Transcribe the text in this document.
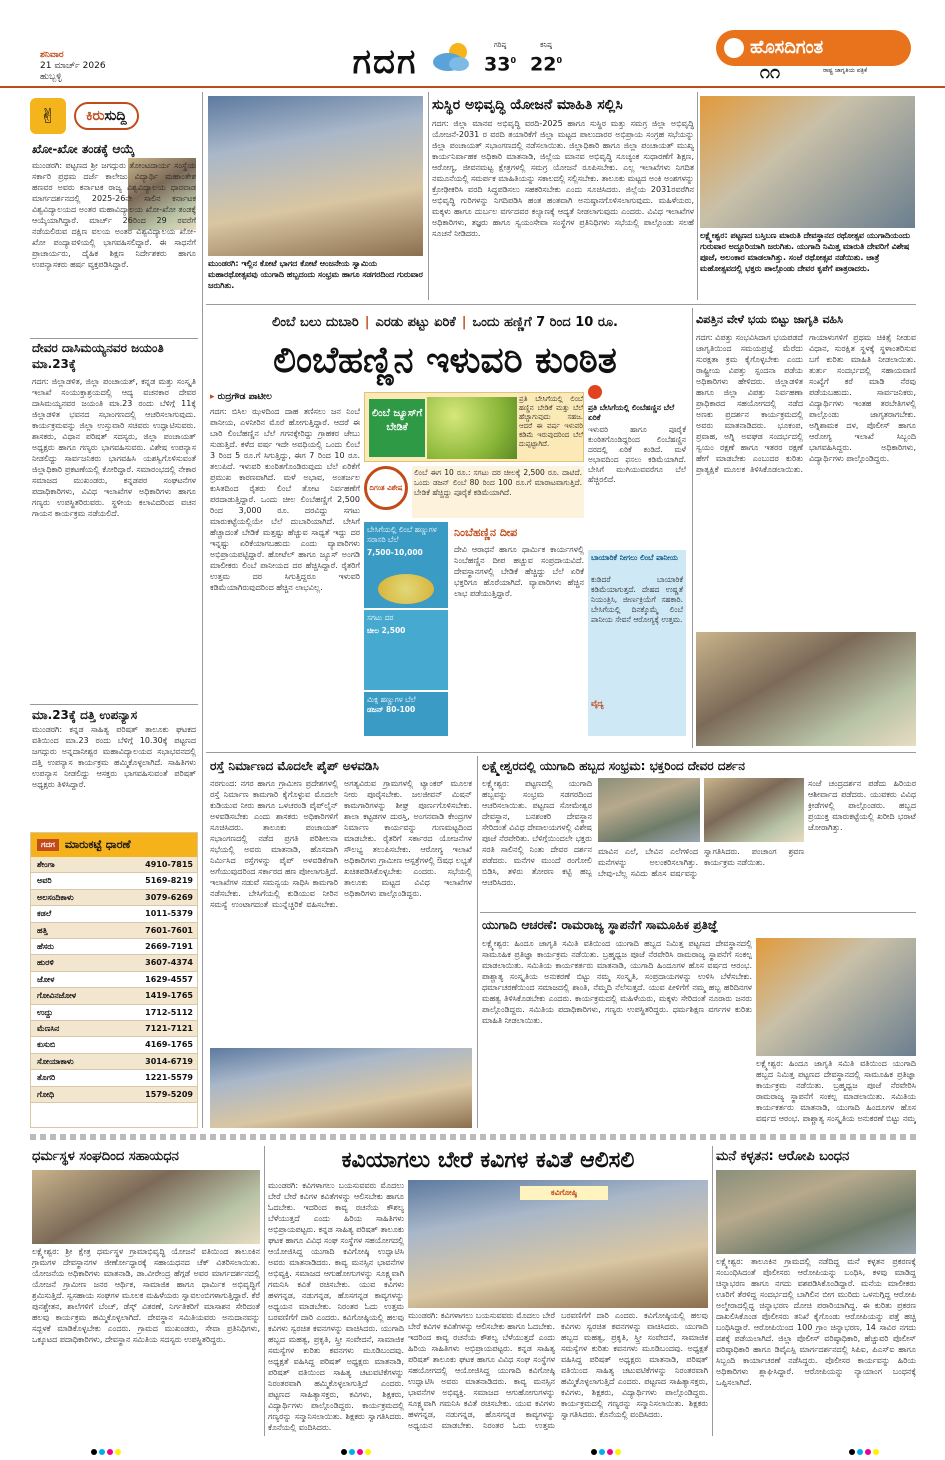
ಶನಿವಾರ
21 ಮಾರ್ಚ್ 2026
ಹುಬ್ಬಳ್ಳಿ	ಗದಗ	ಗರಿಷ್ಠ
$33^0$
ಕನಿಷ್ಠ
$22^0$
ಹೊಸದಿಗಂತ
ರಾಷ್ಟ್ರ ಜಾಗೃತಿಯ ಪತ್ರಿಕೆ
೧೧
✌	ಕಿರುಸುದ್ದಿ
ಖೋ-ಖೋ ತಂಡಕ್ಕೆ ಆಯ್ಕೆ
ಮುಂಡರಗಿ: ಪಟ್ಟಣದ ಶ್ರೀ ಜಗದ್ಗುರು ತೋಂಟದಾರ್ಯ ಸಂಸ್ಥೆಯ ಸರ್ಕಾರಿ ಪ್ರಥಮ ದರ್ಜೆ ಕಾಲೇಜು ವಿದ್ಯಾರ್ಥಿ ಮಹಾಂತೇಶ ಹಣವರ ಅವರು ಕರ್ನಾಟಕ ರಾಜ್ಯ ವಿಶ್ವವಿದ್ಯಾಲಯ ಧಾರವಾಡ ಮಾರ್ಗದರ್ಶನದಲ್ಲಿ 2025-26ನೇ ಸಾಲಿನ ಕರ್ನಾಟಕ ವಿಶ್ವವಿದ್ಯಾಲಯದ ಅಂತರ ಮಹಾವಿದ್ಯಾಲಯ ಖೋ-ಖೋ ತಂಡಕ್ಕೆ ಆಯ್ಕೆಯಾಗಿದ್ದಾರೆ. ಮಾರ್ಚ್ 26ರಿಂದ 29 ರವರೆಗೆ ನಡೆಯಲಿರುವ ದಕ್ಷಿಣ ವಲಯ ಅಂತರ ವಿಶ್ವವಿದ್ಯಾಲಯ ಖೋ-ಖೋ ಪಂದ್ಯಾವಳಿಯಲ್ಲಿ ಭಾಗವಹಿಸಲಿದ್ದಾರೆ. ಈ ಸಾಧನೆಗೆ ಪ್ರಾಚಾರ್ಯರು, ದೈಹಿಕ ಶಿಕ್ಷಣ ನಿರ್ದೇಶಕರು ಹಾಗೂ ಉಪನ್ಯಾಸಕರು ಹರ್ಷ ವ್ಯಕ್ತಪಡಿಸಿದ್ದಾರೆ.
ದೇವರ ದಾಸಿಮಯ್ಯನವರ ಜಯಂತಿ ಮಾ.23ಕ್ಕೆ
ಗದಗ: ಜಿಲ್ಲಾಡಳಿತ, ಜಿಲ್ಲಾ ಪಂಚಾಯತ್, ಕನ್ನಡ ಮತ್ತು ಸಂಸ್ಕೃತಿ ಇಲಾಖೆ ಸಂಯುಕ್ತಾಶ್ರಯದಲ್ಲಿ ಆದ್ಯ ವಚನಕಾರ ದೇವರ ದಾಸಿಮಯ್ಯನವರ ಜಯಂತಿ ಮಾ.23 ರಂದು ಬೆಳಿಗ್ಗೆ 11ಕ್ಕೆ ಜಿಲ್ಲಾಡಳಿತ ಭವನದ ಸಭಾಂಗಣದಲ್ಲಿ ಆಚರಿಸಲಾಗುವುದು. ಕಾರ್ಯಕ್ರಮವನ್ನು ಜಿಲ್ಲಾ ಉಸ್ತುವಾರಿ ಸಚಿವರು ಉದ್ಘಾಟಿಸುವರು. ಶಾಸಕರು, ವಿಧಾನ ಪರಿಷತ್ ಸದಸ್ಯರು, ಜಿಲ್ಲಾ ಪಂಚಾಯತ್ ಅಧ್ಯಕ್ಷರು ಹಾಗೂ ಗಣ್ಯರು ಭಾಗವಹಿಸುವರು. ವಿಶೇಷ ಉಪನ್ಯಾಸ ನೀಡಲಿದ್ದು ಸಾರ್ವಜನಿಕರು ಭಾಗವಹಿಸಿ ಯಶಸ್ವಿಗೊಳಿಸುವಂತೆ ಜಿಲ್ಲಾಧಿಕಾರಿ ಪ್ರಕಟಣೆಯಲ್ಲಿ ಕೋರಿದ್ದಾರೆ. ಸಮಾರಂಭದಲ್ಲಿ ನೇಕಾರ ಸಮಾಜದ ಮುಖಂಡರು, ಕನ್ನಡಪರ ಸಂಘಟನೆಗಳ ಪದಾಧಿಕಾರಿಗಳು, ವಿವಿಧ ಇಲಾಖೆಗಳ ಅಧಿಕಾರಿಗಳು ಹಾಗೂ ಗಣ್ಯರು ಉಪಸ್ಥಿತರಿರುವರು. ಸ್ಥಳೀಯ ಕಲಾವಿದರಿಂದ ವಚನ ಗಾಯನ ಕಾರ್ಯಕ್ರಮ ನಡೆಯಲಿದೆ.
ಮಾ.23ಕ್ಕೆ ದತ್ತಿ ಉಪನ್ಯಾಸ
ಮುಂಡರಗಿ: ಕನ್ನಡ ಸಾಹಿತ್ಯ ಪರಿಷತ್ ತಾಲೂಕು ಘಟಕದ ವತಿಯಿಂದ ಮಾ.23 ರಂದು ಬೆಳಿಗ್ಗೆ 10.30ಕ್ಕೆ ಪಟ್ಟಣದ ಜಗದ್ಗುರು ಅನ್ನದಾನೀಶ್ವರ ಮಹಾವಿದ್ಯಾಲಯದ ಸಭಾಭವನದಲ್ಲಿ ದತ್ತಿ ಉಪನ್ಯಾಸ ಕಾರ್ಯಕ್ರಮ ಹಮ್ಮಿಕೊಳ್ಳಲಾಗಿದೆ. ಸಾಹಿತಿಗಳು ಉಪನ್ಯಾಸ ನೀಡಲಿದ್ದು ಆಸಕ್ತರು ಭಾಗವಹಿಸುವಂತೆ ಪರಿಷತ್ ಅಧ್ಯಕ್ಷರು ತಿಳಿಸಿದ್ದಾರೆ.
ಗದಗ ಮಾರುಕಟ್ಟೆ ಧಾರಣೆ
ಶೇಂಗಾ	4910-7815
ಅವರಿ	5169-8219
ಅಲಸಂದಿಕಾಳು	3079-6269
ಕಡಲೆ	1011-5379
ಹತ್ತಿ	7601-7601
ಹೆಸರು	2669-7191
ಹುರಳಿ	3607-4374
ಜೋಳ	1629-4557
ಗೋವಿನಜೋಳ	1419-1765
ಉದ್ದು	1712-5112
ಮೆಣಸಿನ	7121-7121
ಕುಸುಬಿ	4169-1765
ಸೋಯಾಕಾಳು	3014-6719
ತೊಗರಿ	1221-5579
ಗೋಧಿ	1579-5209
ಮುಂಡರಗಿ: ಇಲ್ಲಿನ ಕೋಟೆ ಭಾಗದ ಕೋಟೆ ಆಂಜನೇಯ ಸ್ವಾಮಿಯ ಮಹಾರಥೋತ್ಸವವು ಯುಗಾದಿ ಹಬ್ಬದಂದು ಸಂಭ್ರಮ ಹಾಗೂ ಸಡಗರದಿಂದ ಗುರುವಾರ ಜರುಗಿತು.
ಸುಸ್ಥಿರ ಅಭಿವೃದ್ಧಿ ಯೋಜನೆ ಮಾಹಿತಿ ಸಲ್ಲಿಸಿ
ಗದಗ: ಜಿಲ್ಲಾ ಮಾನವ ಅಭಿವೃದ್ಧಿ ವರದಿ-2025 ಹಾಗೂ ಸುಸ್ಥಿರ ಮತ್ತು ಸಮಗ್ರ ಜಿಲ್ಲಾ ಅಭಿವೃದ್ಧಿ ಯೋಜನೆ-2031 ರ ವರದಿ ತಯಾರಿಕೆಗೆ ಜಿಲ್ಲಾ ಮಟ್ಟದ ಪಾಲುದಾರರ ಅಭಿಪ್ರಾಯ ಸಂಗ್ರಹ ಸಭೆಯನ್ನು ಜಿಲ್ಲಾ ಪಂಚಾಯತ್ ಸಭಾಂಗಣದಲ್ಲಿ ನಡೆಸಲಾಯಿತು. ಜಿಲ್ಲಾಧಿಕಾರಿ ಹಾಗೂ ಜಿಲ್ಲಾ ಪಂಚಾಯತ್ ಮುಖ್ಯ ಕಾರ್ಯನಿರ್ವಾಹಕ ಅಧಿಕಾರಿ ಮಾತನಾಡಿ, ಜಿಲ್ಲೆಯ ಮಾನವ ಅಭಿವೃದ್ಧಿ ಸೂಚ್ಯಂಕ ಸುಧಾರಣೆಗೆ ಶಿಕ್ಷಣ, ಆರೋಗ್ಯ, ಜೀವನಮಟ್ಟ ಕ್ಷೇತ್ರಗಳಲ್ಲಿ ಸಮಗ್ರ ಯೋಜನೆ ರೂಪಿಸಬೇಕು. ಎಲ್ಲ ಇಲಾಖೆಗಳು ನಿಗದಿತ ನಮೂನೆಯಲ್ಲಿ ಸಮರ್ಪಕ ಮಾಹಿತಿಯನ್ನು ಸಕಾಲದಲ್ಲಿ ಸಲ್ಲಿಸಬೇಕು. ತಾಲೂಕು ಮಟ್ಟದ ಅಂಕಿ ಅಂಶಗಳನ್ನು ಕ್ರೋಢೀಕರಿಸಿ ವರದಿ ಸಿದ್ಧಪಡಿಸಲು ಸಹಕರಿಸಬೇಕು ಎಂದು ಸೂಚಿಸಿದರು. ಜಿಲ್ಲೆಯ 2031ರವರೆಗಿನ ಅಭಿವೃದ್ಧಿ ಗುರಿಗಳನ್ನು ನಿಗದಿಪಡಿಸಿ ಹಂತ ಹಂತವಾಗಿ ಅನುಷ್ಠಾನಗೊಳಿಸಲಾಗುವುದು. ಮಹಿಳೆಯರು, ಮಕ್ಕಳು ಹಾಗೂ ದುರ್ಬಲ ವರ್ಗದವರ ಕಲ್ಯಾಣಕ್ಕೆ ಆದ್ಯತೆ ನೀಡಲಾಗುವುದು ಎಂದರು. ವಿವಿಧ ಇಲಾಖೆಗಳ ಅಧಿಕಾರಿಗಳು, ತಜ್ಞರು ಹಾಗೂ ಸ್ವಯಂಸೇವಾ ಸಂಸ್ಥೆಗಳ ಪ್ರತಿನಿಧಿಗಳು ಸಭೆಯಲ್ಲಿ ಪಾಲ್ಗೊಂಡು ಸಲಹೆ ಸೂಚನೆ ನೀಡಿದರು.	ಲಕ್ಷ್ಮೇಶ್ವರ: ಪಟ್ಟಣದ ಬಸ್ತಿಬಣ ಮಾರುತಿ ದೇವಸ್ಥಾನದ ರಥೋತ್ಸವ ಯುಗಾದಿಯಂದು ಗುರುವಾರ ಅದ್ದೂರಿಯಾಗಿ ಜರುಗಿತು. ಯುಗಾದಿ ನಿಮಿತ್ತ ಮಾರುತಿ ದೇವರಿಗೆ ವಿಶೇಷ ಪೂಜೆ, ಅಲಂಕಾರ ಮಾಡಲಾಗಿತ್ತು. ಸಂಜೆ ರಥೋತ್ಸವ ನಡೆಯಿತು. ಜಾತ್ರೆ ಮಹೋತ್ಸವದಲ್ಲಿ ಭಕ್ತರು ಪಾಲ್ಗೊಂಡು ದೇವರ ಕೃಪೆಗೆ ಪಾತ್ರರಾದರು.
ಲಿಂಬೆ ಬಲು ದುಬಾರಿ | ಎರಡು ಪಟ್ಟು ಏರಿಕೆ | ಒಂದು ಹಣ್ಣಿಗೆ 7 ರಿಂದ 10 ರೂ.
ಲಿಂಬೆಹಣ್ಣಿನ ಇಳುವರಿ ಕುಂಠಿತ
▸ ರುದ್ರಗೌಡ ಪಾಟೀಲ
ಗದಗ: ಬಿಸಿಲ ಝಳದಿಂದ ದಾಹ ತಣಿಸಲು ಜನ ನಿಂಬೆ ಪಾನೀಯ, ಎಳನೀರಿನ ಮೊರೆ ಹೋಗುತ್ತಿದ್ದಾರೆ. ಆದರೆ ಈ ಬಾರಿ ಲಿಂಬೆಹಣ್ಣಿನ ಬೆಲೆ ಗಗನಕ್ಕೇರಿದ್ದು ಗ್ರಾಹಕರ ಜೇಬು ಸುಡುತ್ತಿದೆ. ಕಳೆದ ವರ್ಷ ಇದೇ ಅವಧಿಯಲ್ಲಿ ಒಂದು ಲಿಂಬೆ 3 ರಿಂದ 5 ರೂ.ಗೆ ಸಿಗುತ್ತಿದ್ದು, ಈಗ 7 ರಿಂದ 10 ರೂ. ತಲುಪಿದೆ. ಇಳುವರಿ ಕುಂಠಿತಗೊಂಡಿರುವುದು ಬೆಲೆ ಏರಿಕೆಗೆ ಪ್ರಮುಖ ಕಾರಣವಾಗಿದೆ. ಮಳೆ ಅಭಾವ, ಅಂತರ್ಜಲ ಕುಸಿತದಿಂದ ರೈತರು ಲಿಂಬೆ ತೋಟ ನಿರ್ವಹಣೆಗೆ ಪರದಾಡುತ್ತಿದ್ದಾರೆ. ಒಂದು ಚೀಲ ಲಿಂಬೆಹಣ್ಣಿಗೆ 2,500 ರಿಂದ 3,000 ರೂ. ದರವಿದ್ದು ಸಗಟು ಮಾರುಕಟ್ಟೆಯಲ್ಲಿಯೇ ಬೆಲೆ ದುಬಾರಿಯಾಗಿದೆ. ಬೇಸಿಗೆ ಹೆಚ್ಚಾದಂತೆ ಬೇಡಿಕೆ ಮತ್ತಷ್ಟು ಹೆಚ್ಚುವ ಸಾಧ್ಯತೆ ಇದ್ದು ದರ ಇನ್ನಷ್ಟು ಏರಿಕೆಯಾಗಬಹುದು ಎಂದು ವ್ಯಾಪಾರಿಗಳು ಅಭಿಪ್ರಾಯಪಟ್ಟಿದ್ದಾರೆ. ಹೋಟೆಲ್ ಹಾಗೂ ಜ್ಯೂಸ್ ಅಂಗಡಿ ಮಾಲೀಕರು ಲಿಂಬೆ ಪಾನೀಯದ ದರ ಹೆಚ್ಚಿಸಿದ್ದಾರೆ. ರೈತರಿಗೆ ಉತ್ತಮ ದರ ಸಿಗುತ್ತಿದ್ದರೂ ಇಳುವರಿ ಕಡಿಮೆಯಾಗಿರುವುದರಿಂದ ಹೆಚ್ಚಿನ ಲಾಭವಿಲ್ಲ.
ಲಿಂಬೆ ಜ್ಯೂಸ್‌ಗೆ ಬೇಡಿಕೆ
ಪ್ರತಿ ಬೇಸಿಗೆಯಲ್ಲಿ ಲಿಂಬೆ ಹಣ್ಣಿನ ಬೇಡಿಕೆ ಮತ್ತು ಬೆಲೆ ಹೆಚ್ಚಾಗುವುದು ಸಹಜ. ಆದರೆ ಈ ವರ್ಷ ಇಳುವರಿ ಕಡಿಮೆ ಇರುವುದರಿಂದ ಬೆಲೆ ದುಪ್ಪಟ್ಟಾಗಿದೆ.
ದಿಗಂತ ವಿಶೇಷ
ಲಿಂಬೆ ಈಗ 10 ರೂ.: ಸಗಟು ದರ ಚೀಲಕ್ಕೆ 2,500 ರೂ. ದಾಟಿದೆ. ಒಂದು ಡಜನ್ ಲಿಂಬೆ 80 ರಿಂದ 100 ರೂ.ಗೆ ಮಾರಾಟವಾಗುತ್ತಿದೆ. ಬೇಡಿಕೆ ಹೆಚ್ಚಿದ್ದು ಪೂರೈಕೆ ಕಡಿಮೆಯಾಗಿದೆ.
ಬೇಸಿಗೆಯಲ್ಲಿ ಲಿಂಬೆ ಹಣ್ಣುಗಳ ಸರಾಸರಿ ಬೆಲೆ
7,500-10,000
ಸಗಟು ದರ
ಚೀಲ 2,500
ಮಿಕ್ಸ ಹಣ್ಣುಗಳ ಬೆಲೆ
ಡಜನ್ 80-100
ನಿಂಬೆಹಣ್ಣಿನ ದೀಪ
ದೇವಿ ಆರಾಧನೆ ಹಾಗೂ ಧಾರ್ಮಿಕ ಕಾರ್ಯಗಳಲ್ಲಿ ನಿಂಬೆಹಣ್ಣಿನ ದೀಪ ಹಚ್ಚುವ ಸಂಪ್ರದಾಯವಿದೆ. ದೇವಸ್ಥಾನಗಳಲ್ಲಿ ಬೇಡಿಕೆ ಹೆಚ್ಚಿದ್ದು ಬೆಲೆ ಏರಿಕೆ ಭಕ್ತರಿಗೂ ಹೊರೆಯಾಗಿದೆ. ವ್ಯಾಪಾರಿಗಳು ಹೆಚ್ಚಿನ ಲಾಭ ಪಡೆಯುತ್ತಿದ್ದಾರೆ.
ಪ್ರತಿ ಬೇಸಿಗೆಯಲ್ಲಿ ಲಿಂಬೆಹಣ್ಣಿನ ಬೆಲೆ ಏರಿಕೆ
ಇಳುವರಿ ಹಾಗೂ ಪೂರೈಕೆ ಕುಂಠಿತಗೊಂಡಿದ್ದರಿಂದ ಲಿಂಬೆಹಣ್ಣಿನ ದರದಲ್ಲಿ ಏರಿಕೆ ಕಂಡಿದೆ. ಮಳೆ ಅಭಾವದಿಂದ ಫಸಲು ಕಡಿಮೆಯಾಗಿದೆ. ಬೇಸಿಗೆ ಮುಗಿಯುವವರೆಗೂ ಬೆಲೆ ಹೆಚ್ಚಿರಲಿದೆ.
ಬಾಯಾರಿಕೆ ನೀಗಲು ಲಿಂಬೆ ಪಾನೀಯ
ಕುಡಿದರೆ ಬಾಯಾರಿಕೆ ಕಡಿಮೆಯಾಗುತ್ತದೆ. ದೇಹದ ಉಷ್ಣತೆ ನಿಯಂತ್ರಿಸಿ, ಜೀರ್ಣಕ್ರಿಯೆಗೆ ಸಹಕಾರಿ. ಬೇಸಿಗೆಯಲ್ಲಿ ದಿನಕ್ಕೊಮ್ಮೆ ಲಿಂಬೆ ಪಾನೀಯ ಸೇವನೆ ಆರೋಗ್ಯಕ್ಕೆ ಉತ್ತಮ.
ವೈದ್ಯ
ವಿಪತ್ತಿನ ವೇಳೆ ಭಯ ಬಿಟ್ಟು ಜಾಗೃತಿ ವಹಿಸಿ
ಗದಗ: ವಿಪತ್ತು ಸಂಭವಿಸಿದಾಗ ಭಯಪಡದೆ ಜಾಗೃತಿಯಿಂದ ಸಮಯಪ್ರಜ್ಞೆ ಮೆರೆದು ಸುರಕ್ಷತಾ ಕ್ರಮ ಕೈಗೊಳ್ಳಬೇಕು ಎಂದು ರಾಷ್ಟ್ರೀಯ ವಿಪತ್ತು ಸ್ಪಂದನಾ ಪಡೆಯ ಅಧಿಕಾರಿಗಳು ಹೇಳಿದರು. ಜಿಲ್ಲಾಡಳಿತ ಹಾಗೂ ಜಿಲ್ಲಾ ವಿಪತ್ತು ನಿರ್ವಹಣಾ ಪ್ರಾಧಿಕಾರದ ಸಹಯೋಗದಲ್ಲಿ ನಡೆದ ಅಣಕು ಪ್ರದರ್ಶನ ಕಾರ್ಯಕ್ರಮದಲ್ಲಿ ಅವರು ಮಾತನಾಡಿದರು. ಭೂಕಂಪ, ಪ್ರವಾಹ, ಅಗ್ನಿ ಅವಘಡ ಸಂದರ್ಭದಲ್ಲಿ ಸ್ವಯಂ ರಕ್ಷಣೆ ಹಾಗೂ ಇತರರ ರಕ್ಷಣೆ ಹೇಗೆ ಮಾಡಬೇಕು ಎಂಬುದರ ಕುರಿತು ಪ್ರಾತ್ಯಕ್ಷಿಕೆ ಮೂಲಕ ತಿಳಿಸಿಕೊಡಲಾಯಿತು. ಗಾಯಾಳುಗಳಿಗೆ ಪ್ರಥಮ ಚಿಕಿತ್ಸೆ ನೀಡುವ ವಿಧಾನ, ಸುರಕ್ಷಿತ ಸ್ಥಳಕ್ಕೆ ಸ್ಥಳಾಂತರಿಸುವ ಬಗೆ ಕುರಿತು ಮಾಹಿತಿ ನೀಡಲಾಯಿತು. ತುರ್ತು ಸಂದರ್ಭದಲ್ಲಿ ಸಹಾಯವಾಣಿ ಸಂಖ್ಯೆಗೆ ಕರೆ ಮಾಡಿ ನೆರವು ಪಡೆಯಬಹುದು. ಸಾರ್ವಜನಿಕರು, ವಿದ್ಯಾರ್ಥಿಗಳು ಇಂತಹ ತರಬೇತಿಗಳಲ್ಲಿ ಪಾಲ್ಗೊಂಡು ಜಾಗೃತರಾಗಬೇಕು. ಅಗ್ನಿಶಾಮಕ ದಳ, ಪೊಲೀಸ್ ಹಾಗೂ ಆರೋಗ್ಯ ಇಲಾಖೆ ಸಿಬ್ಬಂದಿ ಭಾಗವಹಿಸಿದ್ದರು. ಅಧಿಕಾರಿಗಳು, ವಿದ್ಯಾರ್ಥಿಗಳು ಪಾಲ್ಗೊಂಡಿದ್ದರು.
ರಸ್ತೆ ನಿರ್ಮಾಣದ ಮೊದಲೇ ಪೈಪ್ ಅಳವಡಿಸಿ
ನರಗುಂದ: ನಗರ ಹಾಗೂ ಗ್ರಾಮೀಣ ಪ್ರದೇಶಗಳಲ್ಲಿ ರಸ್ತೆ ನಿರ್ಮಾಣ ಕಾಮಗಾರಿ ಕೈಗೊಳ್ಳುವ ಮೊದಲೇ ಕುಡಿಯುವ ನೀರು ಹಾಗೂ ಒಳಚರಂಡಿ ಪೈಪ್‌ಲೈನ್ ಅಳವಡಿಸಬೇಕು ಎಂದು ಶಾಸಕರು ಅಧಿಕಾರಿಗಳಿಗೆ ಸೂಚಿಸಿದರು. ತಾಲೂಕು ಪಂಚಾಯತ್ ಸಭಾಂಗಣದಲ್ಲಿ ನಡೆದ ಪ್ರಗತಿ ಪರಿಶೀಲನಾ ಸಭೆಯಲ್ಲಿ ಅವರು ಮಾತನಾಡಿ, ಹೊಸದಾಗಿ ನಿರ್ಮಿಸಿದ ರಸ್ತೆಗಳನ್ನು ಪೈಪ್ ಅಳವಡಿಕೆಗಾಗಿ ಅಗೆಯುವುದರಿಂದ ಸರ್ಕಾರದ ಹಣ ಪೋಲಾಗುತ್ತಿದೆ. ಇಲಾಖೆಗಳ ನಡುವೆ ಸಮನ್ವಯ ಸಾಧಿಸಿ ಕಾಮಗಾರಿ ನಡೆಸಬೇಕು. ಬೇಸಿಗೆಯಲ್ಲಿ ಕುಡಿಯುವ ನೀರಿನ ಸಮಸ್ಯೆ ಉಂಟಾಗದಂತೆ ಮುನ್ನೆಚ್ಚರಿಕೆ ವಹಿಸಬೇಕು. ಅಗತ್ಯವಿರುವ ಗ್ರಾಮಗಳಲ್ಲಿ ಟ್ಯಾಂಕರ್ ಮೂಲಕ ನೀರು ಪೂರೈಸಬೇಕು. ಜಲಜೀವನ್ ಮಿಷನ್ ಕಾಮಗಾರಿಗಳನ್ನು ಶೀಘ್ರ ಪೂರ್ಣಗೊಳಿಸಬೇಕು. ಶಾಲಾ ಕಟ್ಟಡಗಳ ದುರಸ್ತಿ, ಅಂಗನವಾಡಿ ಕೇಂದ್ರಗಳ ನಿರ್ಮಾಣ ಕಾರ್ಯವನ್ನು ಗುಣಮಟ್ಟದಿಂದ ಮಾಡಬೇಕು. ರೈತರಿಗೆ ಸರ್ಕಾರದ ಯೋಜನೆಗಳ ಸೌಲಭ್ಯ ತಲುಪಿಸಬೇಕು. ಆರೋಗ್ಯ ಇಲಾಖೆ ಅಧಿಕಾರಿಗಳು ಗ್ರಾಮೀಣ ಆಸ್ಪತ್ರೆಗಳಲ್ಲಿ ಔಷಧ ಲಭ್ಯತೆ ಖಚಿತಪಡಿಸಿಕೊಳ್ಳಬೇಕು ಎಂದರು. ಸಭೆಯಲ್ಲಿ ತಾಲೂಕು ಮಟ್ಟದ ವಿವಿಧ ಇಲಾಖೆಗಳ ಅಧಿಕಾರಿಗಳು ಪಾಲ್ಗೊಂಡಿದ್ದರು.
ಲಕ್ಷ್ಮೇಶ್ವರದಲ್ಲಿ ಯುಗಾದಿ ಹಬ್ಬದ ಸಂಭ್ರಮ: ಭಕ್ತರಿಂದ ದೇವರ ದರ್ಶನ
ಲಕ್ಷ್ಮೇಶ್ವರ: ಪಟ್ಟಣದಲ್ಲಿ ಯುಗಾದಿ ಹಬ್ಬವನ್ನು ಸಂಭ್ರಮ ಸಡಗರದಿಂದ ಆಚರಿಸಲಾಯಿತು. ಪಟ್ಟಣದ ಸೋಮೇಶ್ವರ ದೇವಸ್ಥಾನ, ಬನಶಂಕರಿ ದೇವಸ್ಥಾನ ಸೇರಿದಂತೆ ವಿವಿಧ ದೇವಾಲಯಗಳಲ್ಲಿ ವಿಶೇಷ ಪೂಜೆ ನೆರವೇರಿತು. ಬೆಳಿಗ್ಗೆಯಿಂದಲೇ ಭಕ್ತರು ಸರತಿ ಸಾಲಿನಲ್ಲಿ ನಿಂತು ದೇವರ ದರ್ಶನ ಪಡೆದರು. ಮನೆಗಳ ಮುಂದೆ ರಂಗೋಲಿ ಬಿಡಿಸಿ, ತಳಿರು ತೋರಣ ಕಟ್ಟಿ ಹಬ್ಬ ಆಚರಿಸಿದರು.
ಮಾವಿನ ಎಲೆ, ಬೇವಿನ ಎಲೆಗಳಿಂದ ಮನೆಗಳನ್ನು ಅಲಂಕರಿಸಲಾಗಿತ್ತು. ಬೇವು-ಬೆಲ್ಲ ಸವಿದು ಹೊಸ ವರ್ಷವನ್ನು ಸ್ವಾಗತಿಸಿದರು. ಪಂಚಾಂಗ ಶ್ರವಣ ಕಾರ್ಯಕ್ರಮ ನಡೆಯಿತು.
ಸಂಜೆ ಚಂದ್ರದರ್ಶನ ಪಡೆದು ಹಿರಿಯರ ಆಶೀರ್ವಾದ ಪಡೆದರು. ಯುವಕರು ವಿವಿಧ ಕ್ರೀಡೆಗಳಲ್ಲಿ ಪಾಲ್ಗೊಂಡರು. ಹಬ್ಬದ ಪ್ರಯುಕ್ತ ಮಾರುಕಟ್ಟೆಯಲ್ಲಿ ಖರೀದಿ ಭರಾಟೆ ಜೋರಾಗಿತ್ತು.
ಯುಗಾದಿ ಆಚರಣೆ: ರಾಮರಾಜ್ಯ ಸ್ಥಾಪನೆಗೆ ಸಾಮೂಹಿಕ ಪ್ರತಿಜ್ಞೆ
ಲಕ್ಷ್ಮೇಶ್ವರ: ಹಿಂದೂ ಜಾಗೃತಿ ಸಮಿತಿ ವತಿಯಿಂದ ಯುಗಾದಿ ಹಬ್ಬದ ನಿಮಿತ್ತ ಪಟ್ಟಣದ ದೇವಸ್ಥಾನದಲ್ಲಿ ಸಾಮೂಹಿಕ ಪ್ರತಿಜ್ಞಾ ಕಾರ್ಯಕ್ರಮ ನಡೆಯಿತು. ಬ್ರಹ್ಮಧ್ವಜ ಪೂಜೆ ನೆರವೇರಿಸಿ ರಾಮರಾಜ್ಯ ಸ್ಥಾಪನೆಗೆ ಸಂಕಲ್ಪ ಮಾಡಲಾಯಿತು. ಸಮಿತಿಯ ಕಾರ್ಯಕರ್ತರು ಮಾತನಾಡಿ, ಯುಗಾದಿ ಹಿಂದೂಗಳ ಹೊಸ ವರ್ಷದ ಆರಂಭ. ಪಾಶ್ಚಾತ್ಯ ಸಂಸ್ಕೃತಿಯ ಅನುಕರಣೆ ಬಿಟ್ಟು ನಮ್ಮ ಸಂಸ್ಕೃತಿ, ಸಂಪ್ರದಾಯಗಳನ್ನು ಉಳಿಸಿ ಬೆಳೆಸಬೇಕು. ಧರ್ಮಾಚರಣೆಯಿಂದ ಸಮಾಜದಲ್ಲಿ ಶಾಂತಿ, ನೆಮ್ಮದಿ ನೆಲೆಸುತ್ತದೆ. ಯುವ ಪೀಳಿಗೆಗೆ ನಮ್ಮ ಹಬ್ಬ ಹರಿದಿನಗಳ ಮಹತ್ವ ತಿಳಿಸಿಕೊಡಬೇಕು ಎಂದರು. ಕಾರ್ಯಕ್ರಮದಲ್ಲಿ ಮಹಿಳೆಯರು, ಮಕ್ಕಳು ಸೇರಿದಂತೆ ನೂರಾರು ಜನರು ಪಾಲ್ಗೊಂಡಿದ್ದರು. ಸಮಿತಿಯ ಪದಾಧಿಕಾರಿಗಳು, ಗಣ್ಯರು ಉಪಸ್ಥಿತರಿದ್ದರು. ಧರ್ಮಶಿಕ್ಷಣ ವರ್ಗಗಳ ಕುರಿತು ಮಾಹಿತಿ ನೀಡಲಾಯಿತು.
ಲಕ್ಷ್ಮೇಶ್ವರ: ಹಿಂದೂ ಜಾಗೃತಿ ಸಮಿತಿ ವತಿಯಿಂದ ಯುಗಾದಿ ಹಬ್ಬದ ನಿಮಿತ್ತ ಪಟ್ಟಣದ ದೇವಸ್ಥಾನದಲ್ಲಿ ಸಾಮೂಹಿಕ ಪ್ರತಿಜ್ಞಾ ಕಾರ್ಯಕ್ರಮ ನಡೆಯಿತು. ಬ್ರಹ್ಮಧ್ವಜ ಪೂಜೆ ನೆರವೇರಿಸಿ ರಾಮರಾಜ್ಯ ಸ್ಥಾಪನೆಗೆ ಸಂಕಲ್ಪ ಮಾಡಲಾಯಿತು. ಸಮಿತಿಯ ಕಾರ್ಯಕರ್ತರು ಮಾತನಾಡಿ, ಯುಗಾದಿ ಹಿಂದೂಗಳ ಹೊಸ ವರ್ಷದ ಆರಂಭ. ಪಾಶ್ಚಾತ್ಯ ಸಂಸ್ಕೃತಿಯ ಅನುಕರಣೆ ಬಿಟ್ಟು ನಮ್ಮ
ಧರ್ಮಸ್ಥಳ ಸಂಘದಿಂದ ಸಹಾಯಧನ
ಲಕ್ಷ್ಮೇಶ್ವರ: ಶ್ರೀ ಕ್ಷೇತ್ರ ಧರ್ಮಸ್ಥಳ ಗ್ರಾಮಾಭಿವೃದ್ಧಿ ಯೋಜನೆ ವತಿಯಿಂದ ತಾಲೂಕಿನ ಗ್ರಾಮಗಳ ದೇವಸ್ಥಾನಗಳ ಜೀರ್ಣೋದ್ಧಾರಕ್ಕೆ ಸಹಾಯಧನದ ಚೆಕ್ ವಿತರಿಸಲಾಯಿತು. ಯೋಜನೆಯ ಅಧಿಕಾರಿಗಳು ಮಾತನಾಡಿ, ಡಾ.ವೀರೇಂದ್ರ ಹೆಗ್ಗಡೆ ಅವರ ಮಾರ್ಗದರ್ಶನದಲ್ಲಿ ಯೋಜನೆ ಗ್ರಾಮೀಣ ಜನರ ಆರ್ಥಿಕ, ಸಾಮಾಜಿಕ ಹಾಗೂ ಧಾರ್ಮಿಕ ಅಭಿವೃದ್ಧಿಗೆ ಶ್ರಮಿಸುತ್ತಿದೆ. ಸ್ವಸಹಾಯ ಸಂಘಗಳ ಮೂಲಕ ಮಹಿಳೆಯರು ಸ್ವಾವಲಂಬಿಗಳಾಗುತ್ತಿದ್ದಾರೆ. ಕೆರೆ ಪುನಶ್ಚೇತನ, ಶಾಲೆಗಳಿಗೆ ಬೆಂಚ್, ಡೆಸ್ಕ್ ವಿತರಣೆ, ನಿರ್ಗತಿಕರಿಗೆ ಮಾಸಾಶನ ಸೇರಿದಂತೆ ಹಲವು ಕಾರ್ಯಕ್ರಮ ಹಮ್ಮಿಕೊಳ್ಳಲಾಗಿದೆ. ದೇವಸ್ಥಾನ ಸಮಿತಿಯವರು ಅನುದಾನವನ್ನು ಸದ್ಬಳಕೆ ಮಾಡಿಕೊಳ್ಳಬೇಕು ಎಂದರು. ಗ್ರಾಮದ ಮುಖಂಡರು, ಸೇವಾ ಪ್ರತಿನಿಧಿಗಳು, ಒಕ್ಕೂಟದ ಪದಾಧಿಕಾರಿಗಳು, ದೇವಸ್ಥಾನ ಸಮಿತಿಯ ಸದಸ್ಯರು ಉಪಸ್ಥಿತರಿದ್ದರು.
ಕವಿಯಾಗಲು ಬೇರೆ ಕವಿಗಳ ಕವಿತೆ ಆಲಿಸಲಿ
ಮುಂಡರಗಿ: ಕವಿಗಳಾಗಲು ಬಯಸುವವರು ಮೊದಲು ಬೇರೆ ಬೇರೆ ಕವಿಗಳ ಕವಿತೆಗಳನ್ನು ಆಲಿಸಬೇಕು ಹಾಗೂ ಓದಬೇಕು. ಇದರಿಂದ ಕಾವ್ಯ ರಚನೆಯ ಕೌಶಲ್ಯ ಬೆಳೆಯುತ್ತದೆ ಎಂದು ಹಿರಿಯ ಸಾಹಿತಿಗಳು ಅಭಿಪ್ರಾಯಪಟ್ಟರು. ಕನ್ನಡ ಸಾಹಿತ್ಯ ಪರಿಷತ್ ತಾಲೂಕು ಘಟಕ ಹಾಗೂ ವಿವಿಧ ಸಂಘ ಸಂಸ್ಥೆಗಳ ಸಹಯೋಗದಲ್ಲಿ ಆಯೋಜಿಸಿದ್ದ ಯುಗಾದಿ ಕವಿಗೋಷ್ಠಿ ಉದ್ಘಾಟಿಸಿ ಅವರು ಮಾತನಾಡಿದರು. ಕಾವ್ಯ ಮನಸ್ಸಿನ ಭಾವನೆಗಳ ಅಭಿವ್ಯಕ್ತಿ. ಸಮಾಜದ ಆಗುಹೋಗುಗಳನ್ನು ಸೂಕ್ಷ್ಮವಾಗಿ ಗಮನಿಸಿ ಕವಿತೆ ರಚಿಸಬೇಕು. ಯುವ ಕವಿಗಳು ಹಳಗನ್ನಡ, ನಡುಗನ್ನಡ, ಹೊಸಗನ್ನಡ ಕಾವ್ಯಗಳನ್ನು ಅಧ್ಯಯನ ಮಾಡಬೇಕು. ನಿರಂತರ ಓದು ಉತ್ತಮ ಬರವಣಿಗೆಗೆ ದಾರಿ ಎಂದರು. ಕವಿಗೋಷ್ಠಿಯಲ್ಲಿ ಹಲವು ಕವಿಗಳು ಸ್ವರಚಿತ ಕವನಗಳನ್ನು ವಾಚಿಸಿದರು. ಯುಗಾದಿ ಹಬ್ಬದ ಮಹತ್ವ, ಪ್ರಕೃತಿ, ಸ್ತ್ರೀ ಸಂವೇದನೆ, ಸಾಮಾಜಿಕ ಸಮಸ್ಯೆಗಳ ಕುರಿತು ಕವನಗಳು ಮೂಡಿಬಂದವು. ಅಧ್ಯಕ್ಷತೆ ವಹಿಸಿದ್ದ ಪರಿಷತ್ ಅಧ್ಯಕ್ಷರು ಮಾತನಾಡಿ, ಪರಿಷತ್ ವತಿಯಿಂದ ಸಾಹಿತ್ಯ ಚಟುವಟಿಕೆಗಳನ್ನು ನಿರಂತರವಾಗಿ ಹಮ್ಮಿಕೊಳ್ಳಲಾಗುತ್ತಿದೆ ಎಂದರು. ಪಟ್ಟಣದ ಸಾಹಿತ್ಯಾಸಕ್ತರು, ಕವಿಗಳು, ಶಿಕ್ಷಕರು, ವಿದ್ಯಾರ್ಥಿಗಳು ಪಾಲ್ಗೊಂಡಿದ್ದರು. ಕಾರ್ಯಕ್ರಮದಲ್ಲಿ ಗಣ್ಯರನ್ನು ಸನ್ಮಾನಿಸಲಾಯಿತು. ಶಿಕ್ಷಕರು ಸ್ವಾಗತಿಸಿದರು. ಕೊನೆಯಲ್ಲಿ ವಂದಿಸಿದರು.
ಕವಿಗೋಷ್ಠಿ
ಮುಂಡರಗಿ: ಕವಿಗಳಾಗಲು ಬಯಸುವವರು ಮೊದಲು ಬೇರೆ ಬೇರೆ ಕವಿಗಳ ಕವಿತೆಗಳನ್ನು ಆಲಿಸಬೇಕು ಹಾಗೂ ಓದಬೇಕು. ಇದರಿಂದ ಕಾವ್ಯ ರಚನೆಯ ಕೌಶಲ್ಯ ಬೆಳೆಯುತ್ತದೆ ಎಂದು ಹಿರಿಯ ಸಾಹಿತಿಗಳು ಅಭಿಪ್ರಾಯಪಟ್ಟರು. ಕನ್ನಡ ಸಾಹಿತ್ಯ ಪರಿಷತ್ ತಾಲೂಕು ಘಟಕ ಹಾಗೂ ವಿವಿಧ ಸಂಘ ಸಂಸ್ಥೆಗಳ ಸಹಯೋಗದಲ್ಲಿ ಆಯೋಜಿಸಿದ್ದ ಯುಗಾದಿ ಕವಿಗೋಷ್ಠಿ ಉದ್ಘಾಟಿಸಿ ಅವರು ಮಾತನಾಡಿದರು. ಕಾವ್ಯ ಮನಸ್ಸಿನ ಭಾವನೆಗಳ ಅಭಿವ್ಯಕ್ತಿ. ಸಮಾಜದ ಆಗುಹೋಗುಗಳನ್ನು ಸೂಕ್ಷ್ಮವಾಗಿ ಗಮನಿಸಿ ಕವಿತೆ ರಚಿಸಬೇಕು. ಯುವ ಕವಿಗಳು ಹಳಗನ್ನಡ, ನಡುಗನ್ನಡ, ಹೊಸಗನ್ನಡ ಕಾವ್ಯಗಳನ್ನು ಅಧ್ಯಯನ ಮಾಡಬೇಕು. ನಿರಂತರ ಓದು ಉತ್ತಮ ಬರವಣಿಗೆಗೆ ದಾರಿ ಎಂದರು. ಕವಿಗೋಷ್ಠಿಯಲ್ಲಿ ಹಲವು ಕವಿಗಳು ಸ್ವರಚಿತ ಕವನಗಳನ್ನು ವಾಚಿಸಿದರು. ಯುಗಾದಿ ಹಬ್ಬದ ಮಹತ್ವ, ಪ್ರಕೃತಿ, ಸ್ತ್ರೀ ಸಂವೇದನೆ, ಸಾಮಾಜಿಕ ಸಮಸ್ಯೆಗಳ ಕುರಿತು ಕವನಗಳು ಮೂಡಿಬಂದವು. ಅಧ್ಯಕ್ಷತೆ ವಹಿಸಿದ್ದ ಪರಿಷತ್ ಅಧ್ಯಕ್ಷರು ಮಾತನಾಡಿ, ಪರಿಷತ್ ವತಿಯಿಂದ ಸಾಹಿತ್ಯ ಚಟುವಟಿಕೆಗಳನ್ನು ನಿರಂತರವಾಗಿ ಹಮ್ಮಿಕೊಳ್ಳಲಾಗುತ್ತಿದೆ ಎಂದರು. ಪಟ್ಟಣದ ಸಾಹಿತ್ಯಾಸಕ್ತರು, ಕವಿಗಳು, ಶಿಕ್ಷಕರು, ವಿದ್ಯಾರ್ಥಿಗಳು ಪಾಲ್ಗೊಂಡಿದ್ದರು. ಕಾರ್ಯಕ್ರಮದಲ್ಲಿ ಗಣ್ಯರನ್ನು ಸನ್ಮಾನಿಸಲಾಯಿತು. ಶಿಕ್ಷಕರು ಸ್ವಾಗತಿಸಿದರು. ಕೊನೆಯಲ್ಲಿ ವಂದಿಸಿದರು.
ಮನೆ ಕಳ್ಳತನ: ಆರೋಪಿ ಬಂಧನ
ಲಕ್ಷ್ಮೇಶ್ವರ: ತಾಲೂಕಿನ ಗ್ರಾಮದಲ್ಲಿ ನಡೆದಿದ್ದ ಮನೆ ಕಳ್ಳತನ ಪ್ರಕರಣಕ್ಕೆ ಸಂಬಂಧಿಸಿದಂತೆ ಪೊಲೀಸರು ಆರೋಪಿಯನ್ನು ಬಂಧಿಸಿ, ಕಳವು ಮಾಡಿದ್ದ ಚಿನ್ನಾಭರಣ ಹಾಗೂ ನಗದು ವಶಪಡಿಸಿಕೊಂಡಿದ್ದಾರೆ. ಮನೆಯ ಮಾಲೀಕರು ಊರಿಗೆ ತೆರಳಿದ್ದ ಸಂದರ್ಭದಲ್ಲಿ ಬಾಗಿಲಿನ ಬೀಗ ಮುರಿದು ಒಳನುಗ್ಗಿದ್ದ ಆರೋಪಿ ಅಲ್ಮೇರಾದಲ್ಲಿದ್ದ ಚಿನ್ನಾಭರಣ ದೋಚಿ ಪರಾರಿಯಾಗಿದ್ದ. ಈ ಕುರಿತು ಪ್ರಕರಣ ದಾಖಲಿಸಿಕೊಂಡ ಪೊಲೀಸರು ತನಿಖೆ ಕೈಗೊಂಡು ಆರೋಪಿಯನ್ನು ಪತ್ತೆ ಹಚ್ಚಿ ಬಂಧಿಸಿದ್ದಾರೆ. ಆರೋಪಿಯಿಂದ 100 ಗ್ರಾಂ ಚಿನ್ನಾಭರಣ, 14 ಸಾವಿರ ನಗದು ವಶಕ್ಕೆ ಪಡೆಯಲಾಗಿದೆ. ಜಿಲ್ಲಾ ಪೊಲೀಸ್ ವರಿಷ್ಠಾಧಿಕಾರಿ, ಹೆಚ್ಚುವರಿ ಪೊಲೀಸ್ ವರಿಷ್ಠಾಧಿಕಾರಿ ಹಾಗೂ ಡಿವೈಎಸ್ಪಿ ಮಾರ್ಗದರ್ಶನದಲ್ಲಿ ಸಿಪಿಐ, ಪಿಎಸ್ಐ ಹಾಗೂ ಸಿಬ್ಬಂದಿ ಕಾರ್ಯಾಚರಣೆ ನಡೆಸಿದ್ದರು. ಪೊಲೀಸರ ಕಾರ್ಯವನ್ನು ಹಿರಿಯ ಅಧಿಕಾರಿಗಳು ಶ್ಲಾಘಿಸಿದ್ದಾರೆ. ಆರೋಪಿಯನ್ನು ನ್ಯಾಯಾಂಗ ಬಂಧನಕ್ಕೆ ಒಪ್ಪಿಸಲಾಗಿದೆ.
